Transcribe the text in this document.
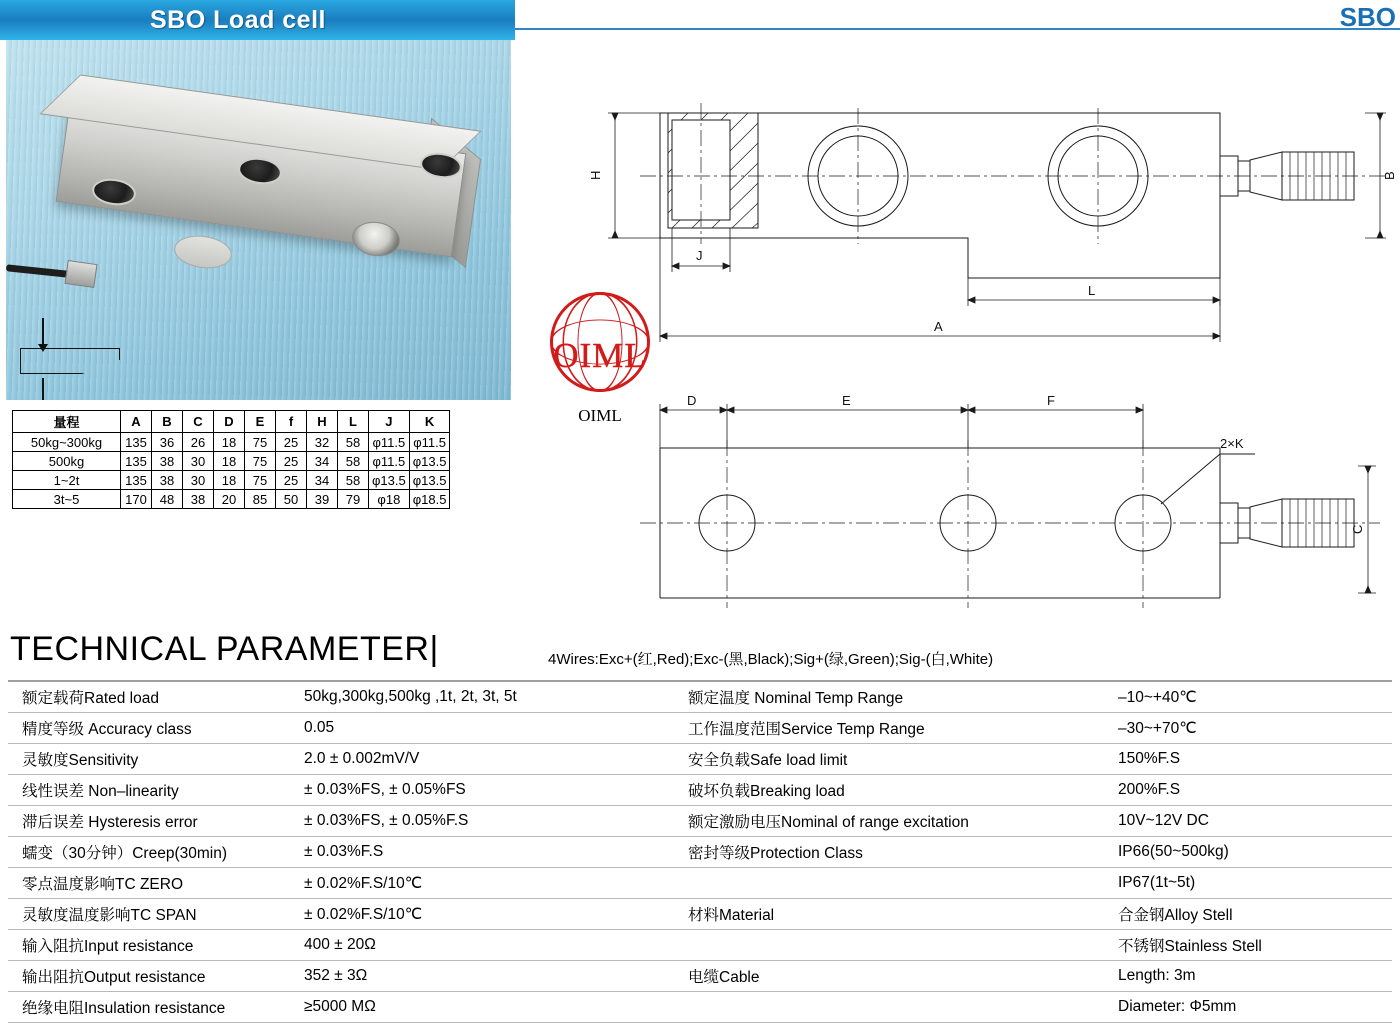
SBO Load cell	SBO
量程	A	B	C	D	E	f	H	L	J	K
50kg~300kg	135	36	26	18	75	25	32	58	φ11.5	φ11.5
500kg	135	38	30	18	75	25	34	58	φ11.5	φ13.5
1~2t	135	38	30	18	75	25	34	58	φ13.5	φ13.5
3t~5	170	48	38	20	85	50	39	79	φ18	φ18.5
OIML
OIML
H	B
J
L
A
D	E	F
2×K
C
TECHNICAL PARAMETER|	4Wires:Exc+(红,Red);Exc-(黑,Black);Sig+(绿,Green);Sig-(白,White)
额定载荷Rated load	50kg,300kg,500kg ,1t, 2t, 3t, 5t	额定温度 Nominal Temp Range	–10~+40℃
精度等级 Accuracy class	0.05	工作温度范围Service Temp Range	–30~+70℃
灵敏度Sensitivity	2.0 ± 0.002mV/V	安全负载Safe load limit	150%F.S
线性误差 Non–linearity	± 0.03%FS, ± 0.05%FS	破坏负载Breaking load	200%F.S
滞后误差 Hysteresis error	± 0.03%FS, ± 0.05%F.S	额定激励电压Nominal of range excitation	10V~12V DC
蠕变（30分钟）Creep(30min)	± 0.03%F.S	密封等级Protection Class	IP66(50~500kg)
零点温度影响TC ZERO	± 0.02%F.S/10℃		IP67(1t~5t)
灵敏度温度影响TC SPAN	± 0.02%F.S/10℃	材料Material	合金钢Alloy Stell
输入阻抗Input resistance	400 ± 20Ω		不锈钢Stainless Stell
输出阻抗Output resistance	352 ± 3Ω	电缆Cable	Length: 3m
绝缘电阻Insulation resistance	≥5000 MΩ		Diameter: Φ5mm
